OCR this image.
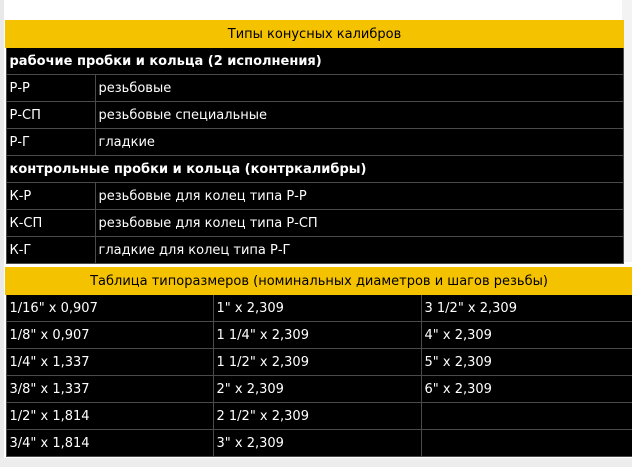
Типы конусных калибров	
рабочие пробки и кольца (2 исполнения)	
Р-Р	резьбовые
Р-СП	резьбовые специальные
Р-Г	гладкие
контрольные пробки и кольца (контркалибры)	
К-Р	резьбовые для колец типа Р-Р
К-СП	резьбовые для колец типа Р-СП
К-Г	гладкие для колец типа Р-Г
Таблица типоразмеров (номинальных диаметров и шагов резьбы)		
1/16" х 0,907	1" х 2,309	3 1/2" х 2,309
1/8" х 0,907	1 1/4" х 2,309	4" х 2,309
1/4" х 1,337	1 1/2" х 2,309	5" х 2,309
3/8" х 1,337	2" х 2,309	6" х 2,309
1/2" х 1,814	2 1/2" х 2,309	
3/4" х 1,814	3" х 2,309	
